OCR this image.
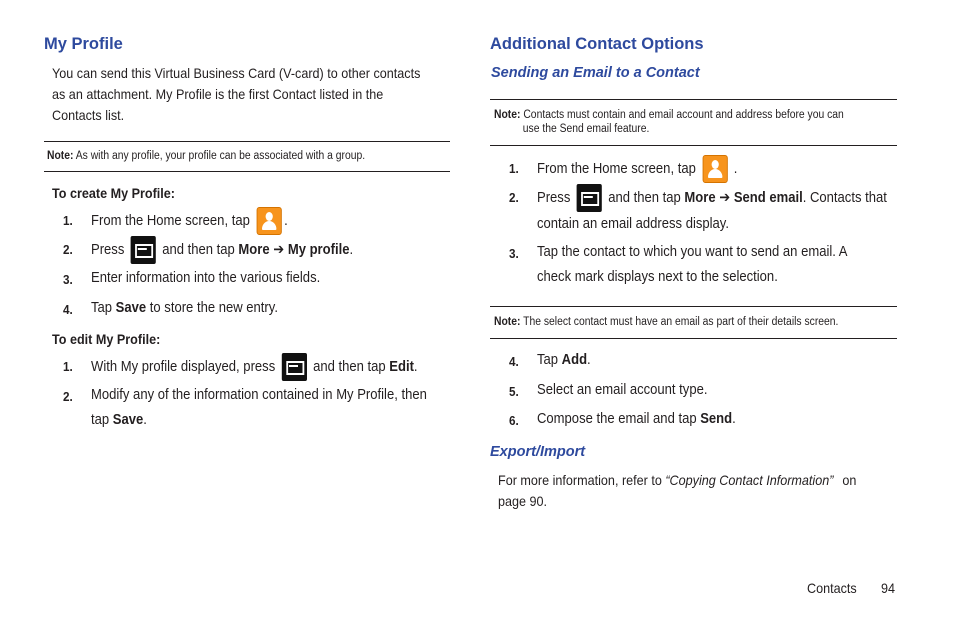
My Profile
You can send this Virtual Business Card (V-card) to other contacts
as an attachment. My Profile is the first Contact listed in the
Contacts list.
Note: As with any profile, your profile can be associated with a group.
To create My Profile:
1. From the Home screen, tap .
2. Press	and then tap More ➔ My profile.
3. Enter information into the various fields.
4. Tap Save to store the new entry.
To edit My Profile:
1. With My profile displayed, press	and then tap Edit.
2. Modify any of the information contained in My Profile, then
tap Save.
Additional Contact Options
Sending an Email to a Contact
Note: Contacts must contain and email account and address before you can
use the Send email feature.
1. From the Home screen, tap	.
2. Press	and then tap More ➔ Send email. Contacts that
contain an email address display.
3. Tap the contact to which you want to send an email. A
check mark displays next to the selection.
Note: The select contact must have an email as part of their details screen.
4. Tap Add.
5. Select an email account type.
6. Compose the email and tap Send.
Export/Import
For more information, refer to “Copying Contact Information” on
page 90.
Contacts 94
